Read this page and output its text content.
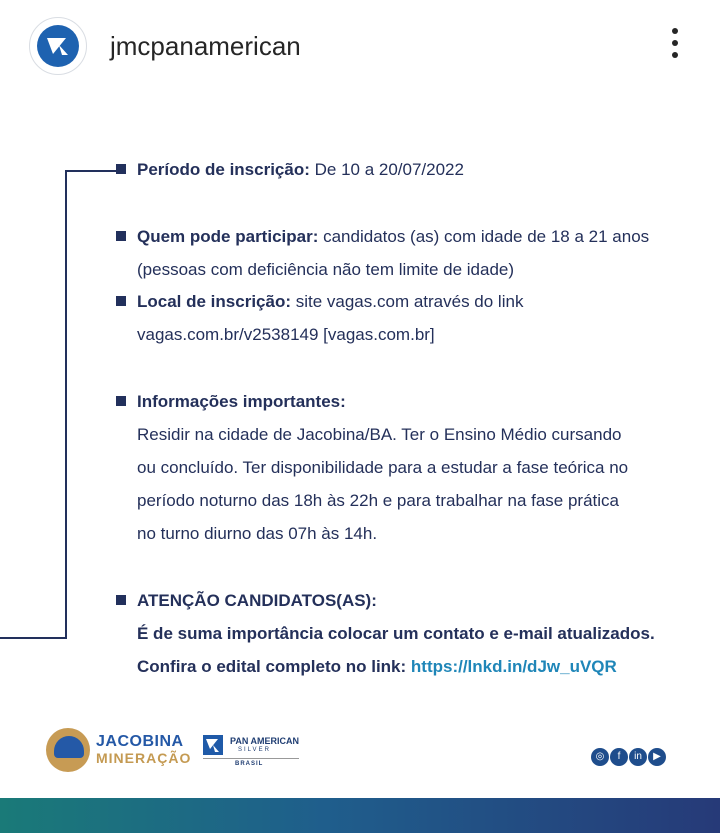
jmcpanamerican
Período de inscrição: De 10 a 20/07/2022
Quem pode participar: candidatos (as) com idade de 18 a 21 anos
(pessoas com deficiência não tem limite de idade)
Local de inscrição: site vagas.com através do link
vagas.com.br/v2538149 [vagas.com.br]
Informações importantes:
Residir na cidade de Jacobina/BA. Ter o Ensino Médio cursando
ou concluído. Ter disponibilidade para a estudar a fase teórica no
período noturno das 18h às 22h e para trabalhar na fase prática
no turno diurno das 07h às 14h.
ATENÇÃO CANDIDATOS(AS):
É de suma importância colocar um contato e e-mail atualizados.
Confira o edital completo no link: https://lnkd.in/dJw_uVQR
JACOBINA
MINERAÇÃO
PAN AMERICAN
SILVER
BRASIL
◎ f in ▶
